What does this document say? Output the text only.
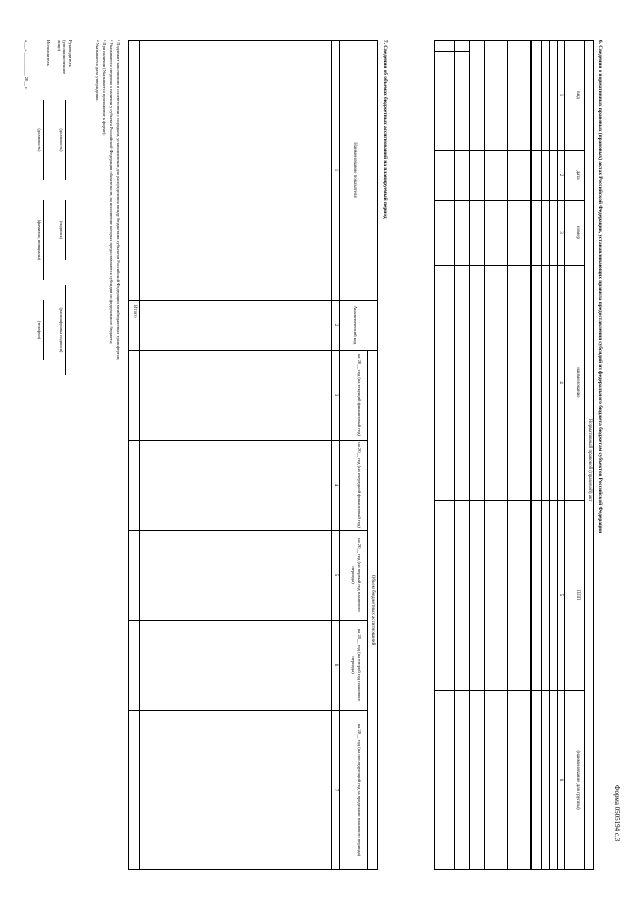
Форма 0505194 с.3
6. Сведения о нормативных правовых (правовых) актах Российской Федерации, устанавливающих правила предоставления субсидий из федерального бюджета бюджетам субъектов Российской Федерации
Нормативный правовой (правовой) акт
вид
дата
номер
наименование
ППП
(наименование для группы)
1
2
3
4
5
6
7. Сведения об объемах бюджетных ассигнований на планируемый период
Объем бюджетных ассигнований
Наименование показателя
Аналитический код
на 20__ год (на текущий финансовый год)
на 20__ год (на очередной финансовый год)
на 20__ год (на первый год планового периода)
на 20__ год (на второй год планового периода)
на 20__ год (на последующий год за пределами планового периода)
1
2
3
4
5
6
7
Итого
¹ Подлежит заполнению в соответствии с порядком, установленным для распределения между бюджетами субъектов Российской Федерации межбюджетных трансфертов;
² Указываются сведения о наличии у субъекта Российской Федерации обязательств, на исполнение которых предоставляются субсидии из федерального бюджета;
³ При наличии (Указывается приложение к форме);
⁴ Указывается дата утверждения.
Руководитель (уполномоченное лицо)
(должность)
(подпись)
(расшифровка подписи)
Исполнитель
(должность)
(фамилия, инициалы)
(телефон)
«___» __________ 20__ г.
